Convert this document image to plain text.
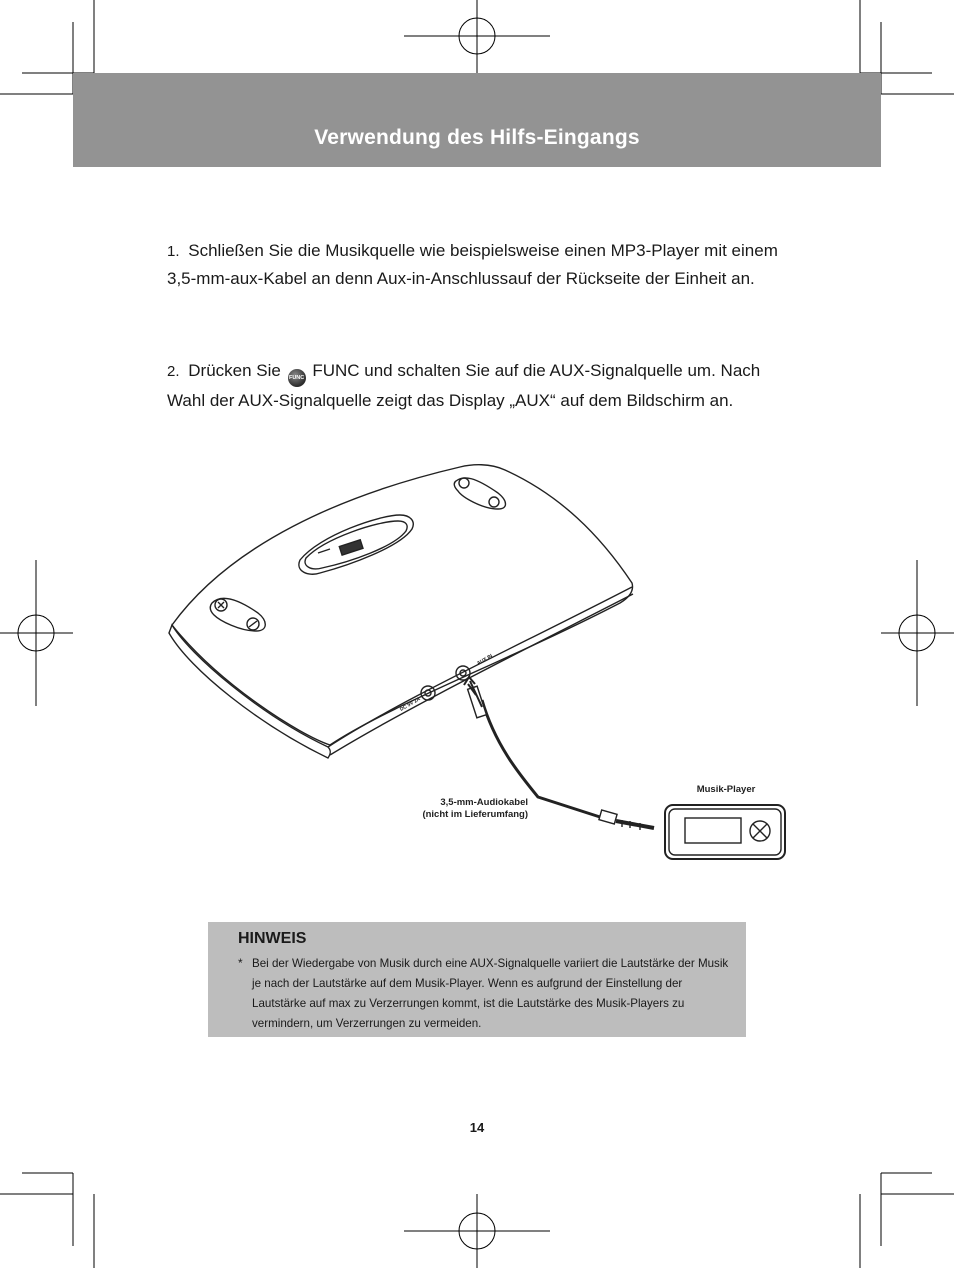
Verwendung des Hilfs-Eingangs
1. Schließen Sie die Musikquelle wie beispielsweise einen MP3-Player mit einem 3,5-mm-aux-Kabel an denn Aux-in-Anschlussauf der Rückseite der Einheit an.
2. Drücken Sie FUNC FUNC und schalten Sie auf die AUX-Signalquelle um. Nach Wahl der AUX-Signalquelle zeigt das Display „AUX“ auf dem Bildschirm an.
AUX IN
DC 9V 2A
3,5-mm-Audiokabel
(nicht im Lieferumfang)
Musik-Player
HINWEIS
* Bei der Wiedergabe von Musik durch eine AUX-Signalquelle variiert die Lautstärke der Musik je nach der Lautstärke auf dem Musik-Player. Wenn es aufgrund der Einstellung der Lautstärke auf max zu Verzerrungen kommt, ist die Lautstärke des Musik-Players zu vermindern, um Verzerrungen zu vermeiden.
14
